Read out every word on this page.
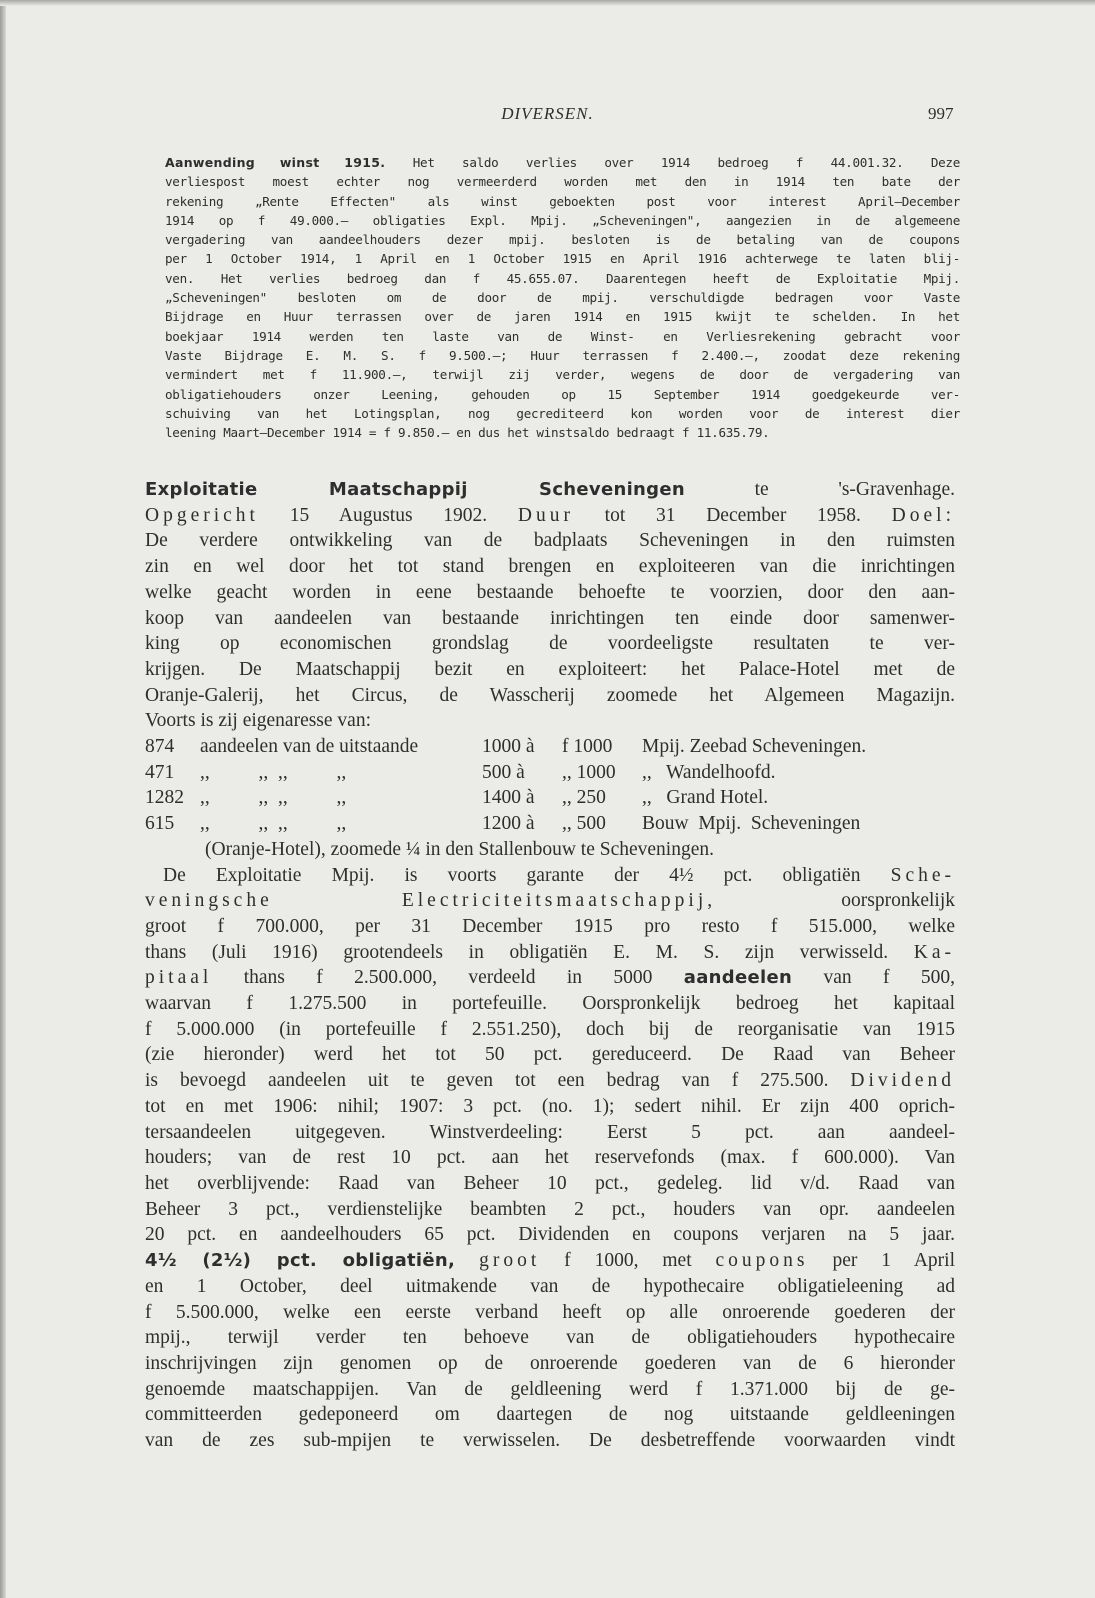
DIVERSEN.	997
Aanwending winst 1915. Het saldo verlies over 1914 bedroeg f 44.001.32. Deze
verliespost moest echter nog vermeerderd worden met den in 1914 ten bate der
rekening „Rente Effecten" als winst geboekten post voor interest April—December
1914 op f 49.000.— obligaties Expl. Mpij. „Scheveningen", aangezien in de algemeene
vergadering van aandeelhouders dezer mpij. besloten is de betaling van de coupons
per 1 October 1914, 1 April en 1 October 1915 en April 1916 achterwege te laten blij-
ven. Het verlies bedroeg dan f 45.655.07. Daarentegen heeft de Exploitatie Mpij.
„Scheveningen" besloten om de door de mpij. verschuldigde bedragen voor Vaste
Bijdrage en Huur terrassen over de jaren 1914 en 1915 kwijt te schelden. In het
boekjaar 1914 werden ten laste van de Winst- en Verliesrekening gebracht voor
Vaste Bijdrage E. M. S. f 9.500.—; Huur terrassen f 2.400.—, zoodat deze rekening
vermindert met f 11.900.—, terwijl zij verder, wegens de door de vergadering van
obligatiehouders onzer Leening, gehouden op 15 September 1914 goedgekeurde ver-
schuiving van het Lotingsplan, nog gecrediteerd kon worden voor de interest dier
leening Maart—December 1914 = f 9.850.— en dus het winstsaldo bedraagt f 11.635.79.
Exploitatie Maatschappij Scheveningen te 's-Gravenhage.
Opgericht 15 Augustus 1902. Duur tot 31 December 1958. Doel:
De verdere ontwikkeling van de badplaats Scheveningen in den ruimsten
zin en wel door het tot stand brengen en exploiteeren van die inrichtingen
welke geacht worden in eene bestaande behoefte te voorzien, door den aan-
koop van aandeelen van bestaande inrichtingen ten einde door samenwer-
king op economischen grondslag de voordeeligste resultaten te ver-
krijgen. De Maatschappij bezit en exploiteert: het Palace-Hotel met de
Oranje-Galerij, het Circus, de Wasscherij zoomede het Algemeen Magazijn.
Voorts is zij eigenaresse van:
874	aandeelen van de uitstaande	1000 à	f 1000	Mpij. Zeebad Scheveningen.
471	,,          ,,  ,,          ,,	500 à	,, 1000	,,   Wandelhoofd.
1282 ,,          ,,  ,,          ,,	1400 à	,, 250	,,   Grand Hotel.
615	,,          ,,  ,,          ,,	1200 à	,, 500	Bouw  Mpij.  Scheveningen
(Oranje-Hotel), zoomede ¼ in den Stallenbouw te Scheveningen.
De Exploitatie Mpij. is voorts garante der 4½ pct. obligatiën Sche-
veningsche Electriciteitsmaatschappij, oorspronkelijk
groot f 700.000, per 31 December 1915 pro resto f 515.000, welke
thans (Juli 1916) grootendeels in obligatiën E. M. S. zijn verwisseld. Ka-
pitaal thans f 2.500.000, verdeeld in 5000 aandeelen van f 500,
waarvan f 1.275.500 in portefeuille. Oorspronkelijk bedroeg het kapitaal
f 5.000.000 (in portefeuille f 2.551.250), doch bij de reorganisatie van 1915
(zie hieronder) werd het tot 50 pct. gereduceerd. De Raad van Beheer
is bevoegd aandeelen uit te geven tot een bedrag van f 275.500. Dividend
tot en met 1906: nihil; 1907: 3 pct. (no. 1); sedert nihil. Er zijn 400 oprich-
tersaandeelen uitgegeven. Winstverdeeling: Eerst 5 pct. aan aandeel-
houders; van de rest 10 pct. aan het reservefonds (max. f 600.000). Van
het overblijvende: Raad van Beheer 10 pct., gedeleg. lid v/d. Raad van
Beheer 3 pct., verdienstelijke beambten 2 pct., houders van opr. aandeelen
20 pct. en aandeelhouders 65 pct. Dividenden en coupons verjaren na 5 jaar.
4½ (2½) pct. obligatiën, groot f 1000, met coupons per 1 April
en 1 October, deel uitmakende van de hypothecaire obligatieleening ad
f 5.500.000, welke een eerste verband heeft op alle onroerende goederen der
mpij., terwijl verder ten behoeve van de obligatiehouders hypothecaire
inschrijvingen zijn genomen op de onroerende goederen van de 6 hieronder
genoemde maatschappijen. Van de geldleening werd f 1.371.000 bij de ge-
committeerden gedeponeerd om daartegen de nog uitstaande geldleeningen
van de zes sub-mpijen te verwisselen. De desbetreffende voorwaarden vindt
